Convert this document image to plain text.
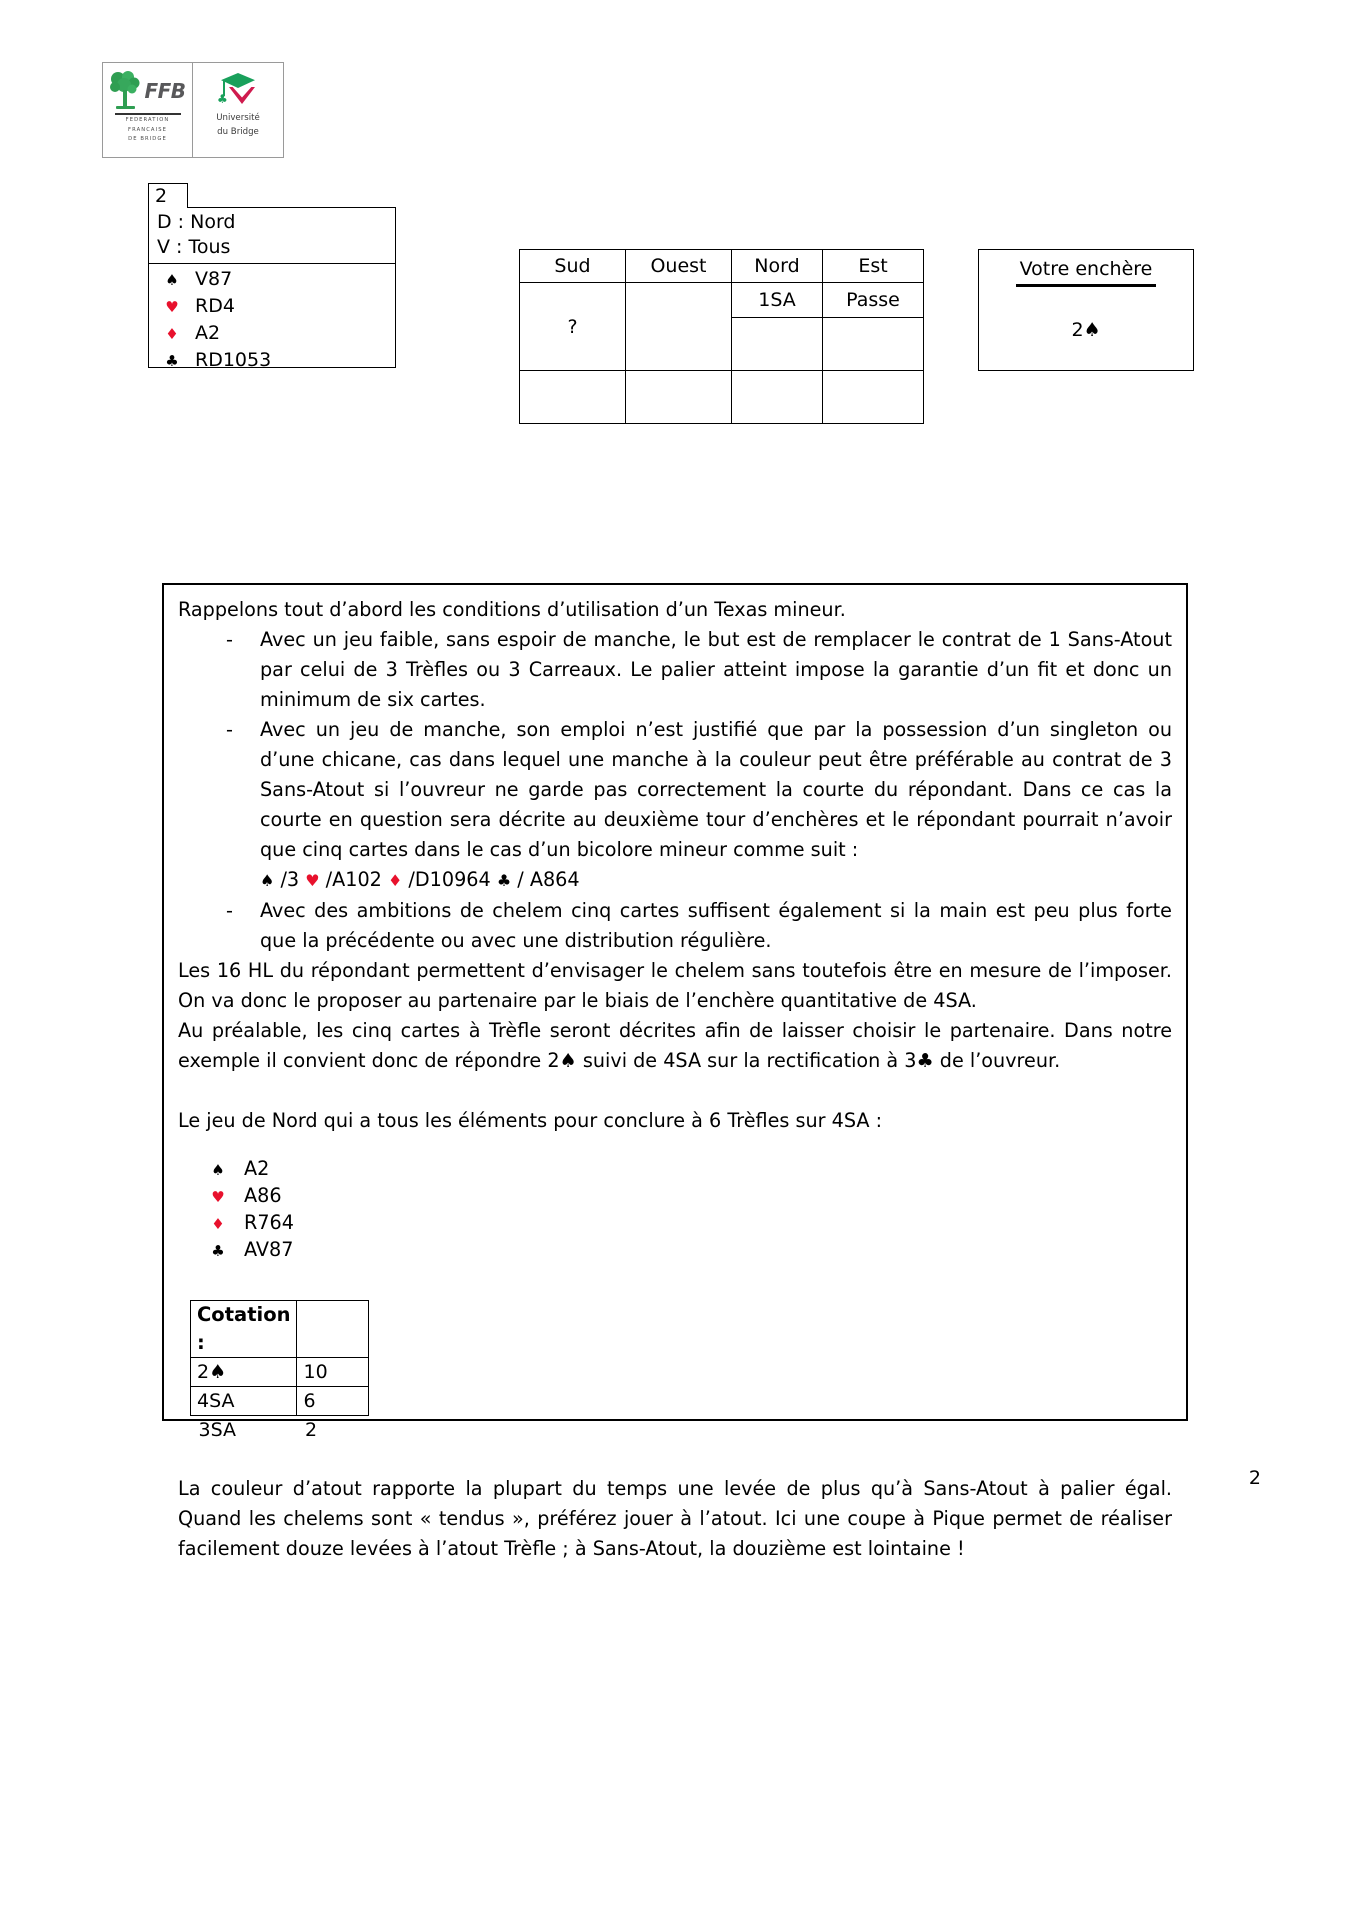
FFB
FEDERATION
FRANCAISE
DE BRIDGE
♣
Université
du Bridge
2
D : Nord
V : Tous
♠ V87
♥ RD4
♦ A2
♣ RD1053
Sud	Ouest	Nord	Est
?		1SA	Passe

Votre enchère
2♠

Rappelons tout d’abord les conditions d’utilisation d’un Texas mineur.

- Avec un jeu faible, sans espoir de manche, le but est de remplacer le contrat de 1 Sans-Atout par celui de 3 Trèfles ou 3 Carreaux. Le palier atteint impose la garantie d’un fit et donc un minimum de six cartes.
- Avec un jeu de manche, son emploi n’est justifié que par la possession d’un singleton ou d’une chicane, cas dans lequel une manche à la couleur peut être préférable au contrat de 3 Sans-Atout si l’ouvreur ne garde pas correctement la courte du répondant. Dans ce cas la courte en question sera décrite au deuxième tour d’enchères et le répondant pourrait n’avoir que cinq cartes dans le cas d’un bicolore mineur comme suit :
♠ /3 ♥ /A102 ♦ /D10964 ♣ / A864
- Avec des ambitions de chelem cinq cartes suffisent également si la main est peu plus forte que la précédente ou avec une distribution régulière.

Les 16 HL du répondant permettent d’envisager le chelem sans toutefois être en mesure de l’imposer. On va donc le proposer au partenaire par le biais de l’enchère quantitative de 4SA.

Au préalable, les cinq cartes à Trèfle seront décrites afin de laisser choisir le partenaire. Dans notre exemple il convient donc de répondre 2♠ suivi de 4SA sur la rectification à 3♣ de l’ouvreur.

Le jeu de Nord qui a tous les éléments pour conclure à 6 Trèfles sur 4SA :

♠	A2
♥	A86
♦	R764
♣	AV87
Cotation :	
2♠	10
4SA	6
3SA	2

La couleur d’atout rapporte la plupart du temps une levée de plus qu’à Sans-Atout à palier égal. Quand les chelems sont « tendus », préférez jouer à l’atout. Ici une coupe à Pique permet de réaliser facilement douze levées à l’atout Trèfle ; à Sans-Atout, la douzième est lointaine !

2
